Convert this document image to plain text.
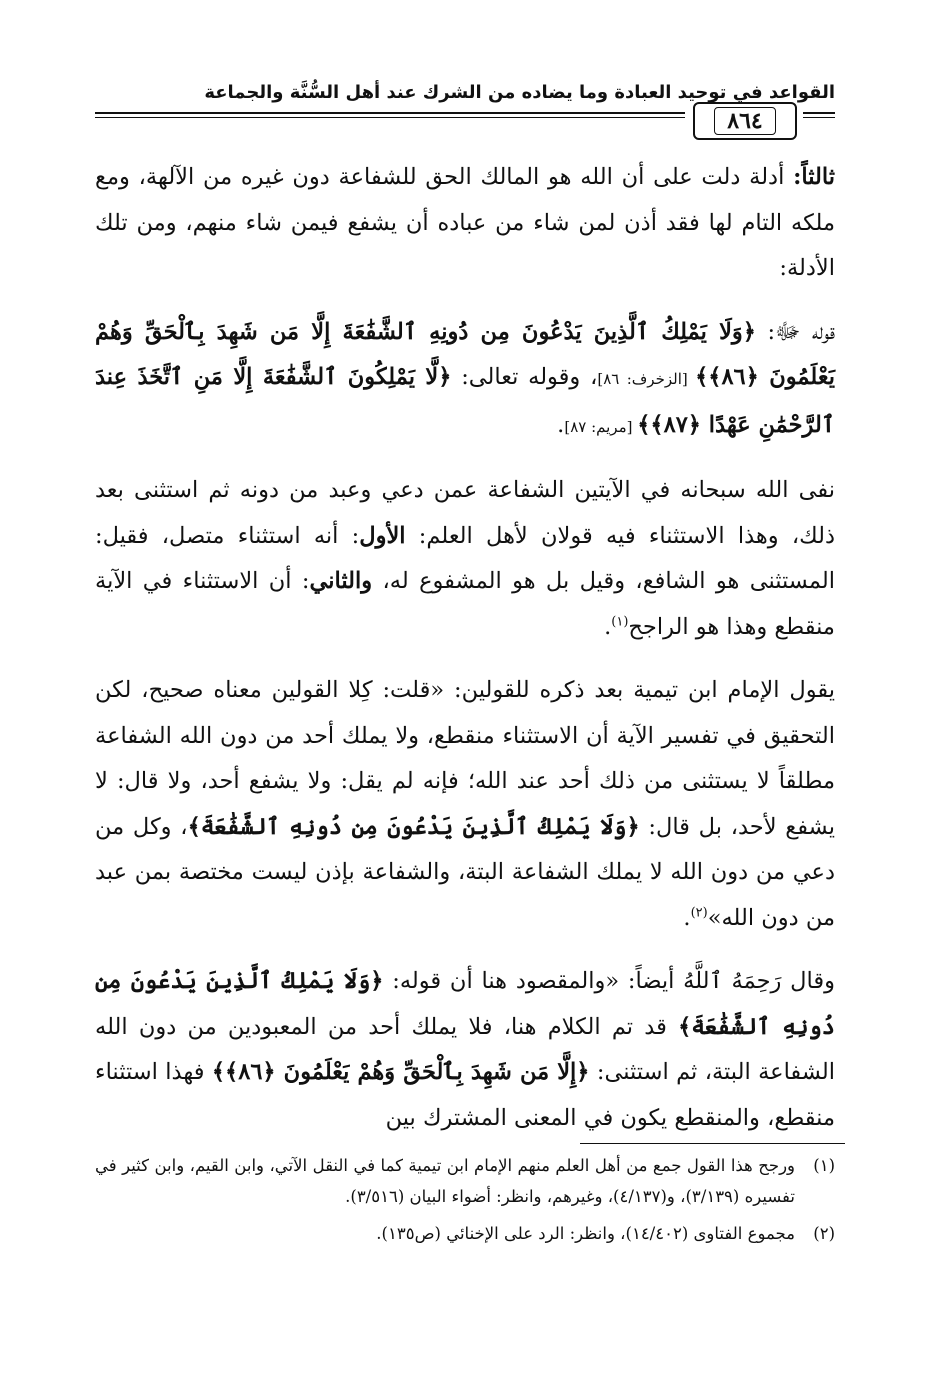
القواعد في توحيد العبادة وما يضاده من الشرك عند أهل السُّنَّة والجماعة
٨٦٤

ثالثاً: أدلة دلت على أن الله هو المالك الحق للشفاعة دون غيره من الآلهة، ومع ملكه التام لها فقد أذن لمن شاء من عباده أن يشفع فيمن شاء منهم، ومن تلك الأدلة:

قوله ﷻ: ﴿وَلَا يَمْلِكُ ٱلَّذِينَ يَدْعُونَ مِن دُونِهِ ٱلشَّفَٰعَةَ إِلَّا مَن شَهِدَ بِٱلْحَقِّ وَهُمْ يَعْلَمُونَ ﴿٨٦﴾﴾ [الزخرف: ٨٦]، وقوله تعالى: ﴿لَّا يَمْلِكُونَ ٱلشَّفَٰعَةَ إِلَّا مَنِ ٱتَّخَذَ عِندَ ٱلرَّحْمَٰنِ عَهْدًا ﴿٨٧﴾﴾ [مريم: ٨٧].

نفى الله سبحانه في الآيتين الشفاعة عمن دعي وعبد من دونه ثم استثنى بعد ذلك، وهذا الاستثناء فيه قولان لأهل العلم: الأول: أنه استثناء متصل، فقيل: المستثنى هو الشافع، وقيل بل هو المشفوع له، والثاني: أن الاستثناء في الآية منقطع وهذا هو الراجح$^{(١)}$.

يقول الإمام ابن تيمية بعد ذكره للقولين: «قلت: كِلا القولين معناه صحيح، لكن التحقيق في تفسير الآية أن الاستثناء منقطع، ولا يملك أحد من دون الله الشفاعة مطلقاً لا يستثنى من ذلك أحد عند الله؛ فإنه لم يقل: ولا يشفع أحد، ولا قال: لا يشفع لأحد، بل قال: ﴿وَلَا يَمْلِكُ ٱلَّذِينَ يَدْعُونَ مِن دُونِهِ ٱلشَّفَٰعَةَ﴾، وكل من دعي من دون الله لا يملك الشفاعة البتة، والشفاعة بإذن ليست مختصة بمن عبد من دون الله»$^{(٢)}$.

وقال رَحِمَهُ ٱللَّهُ أيضاً: «والمقصود هنا أن قوله: ﴿وَلَا يَمْلِكُ ٱلَّذِينَ يَدْعُونَ مِن دُونِهِ ٱلشَّفَٰعَةَ﴾ قد تم الكلام هنا، فلا يملك أحد من المعبودين من دون الله الشفاعة البتة، ثم استثنى: ﴿إِلَّا مَن شَهِدَ بِٱلْحَقِّ وَهُمْ يَعْلَمُونَ ﴿٨٦﴾﴾ فهذا استثناء منقطع، والمنقطع يكون في المعنى المشترك بين

(١)
ورجح هذا القول جمع من أهل العلم منهم الإمام ابن تيمية كما في النقل الآتي، وابن القيم، وابن كثير في تفسيره (٣/١٣٩)، و(٤/١٣٧)، وغيرهم، وانظر: أضواء البيان (٣/٥١٦).
(٢)
مجموع الفتاوى (١٤/٤٠٢)، وانظر: الرد على الإخنائي (ص١٣٥).
